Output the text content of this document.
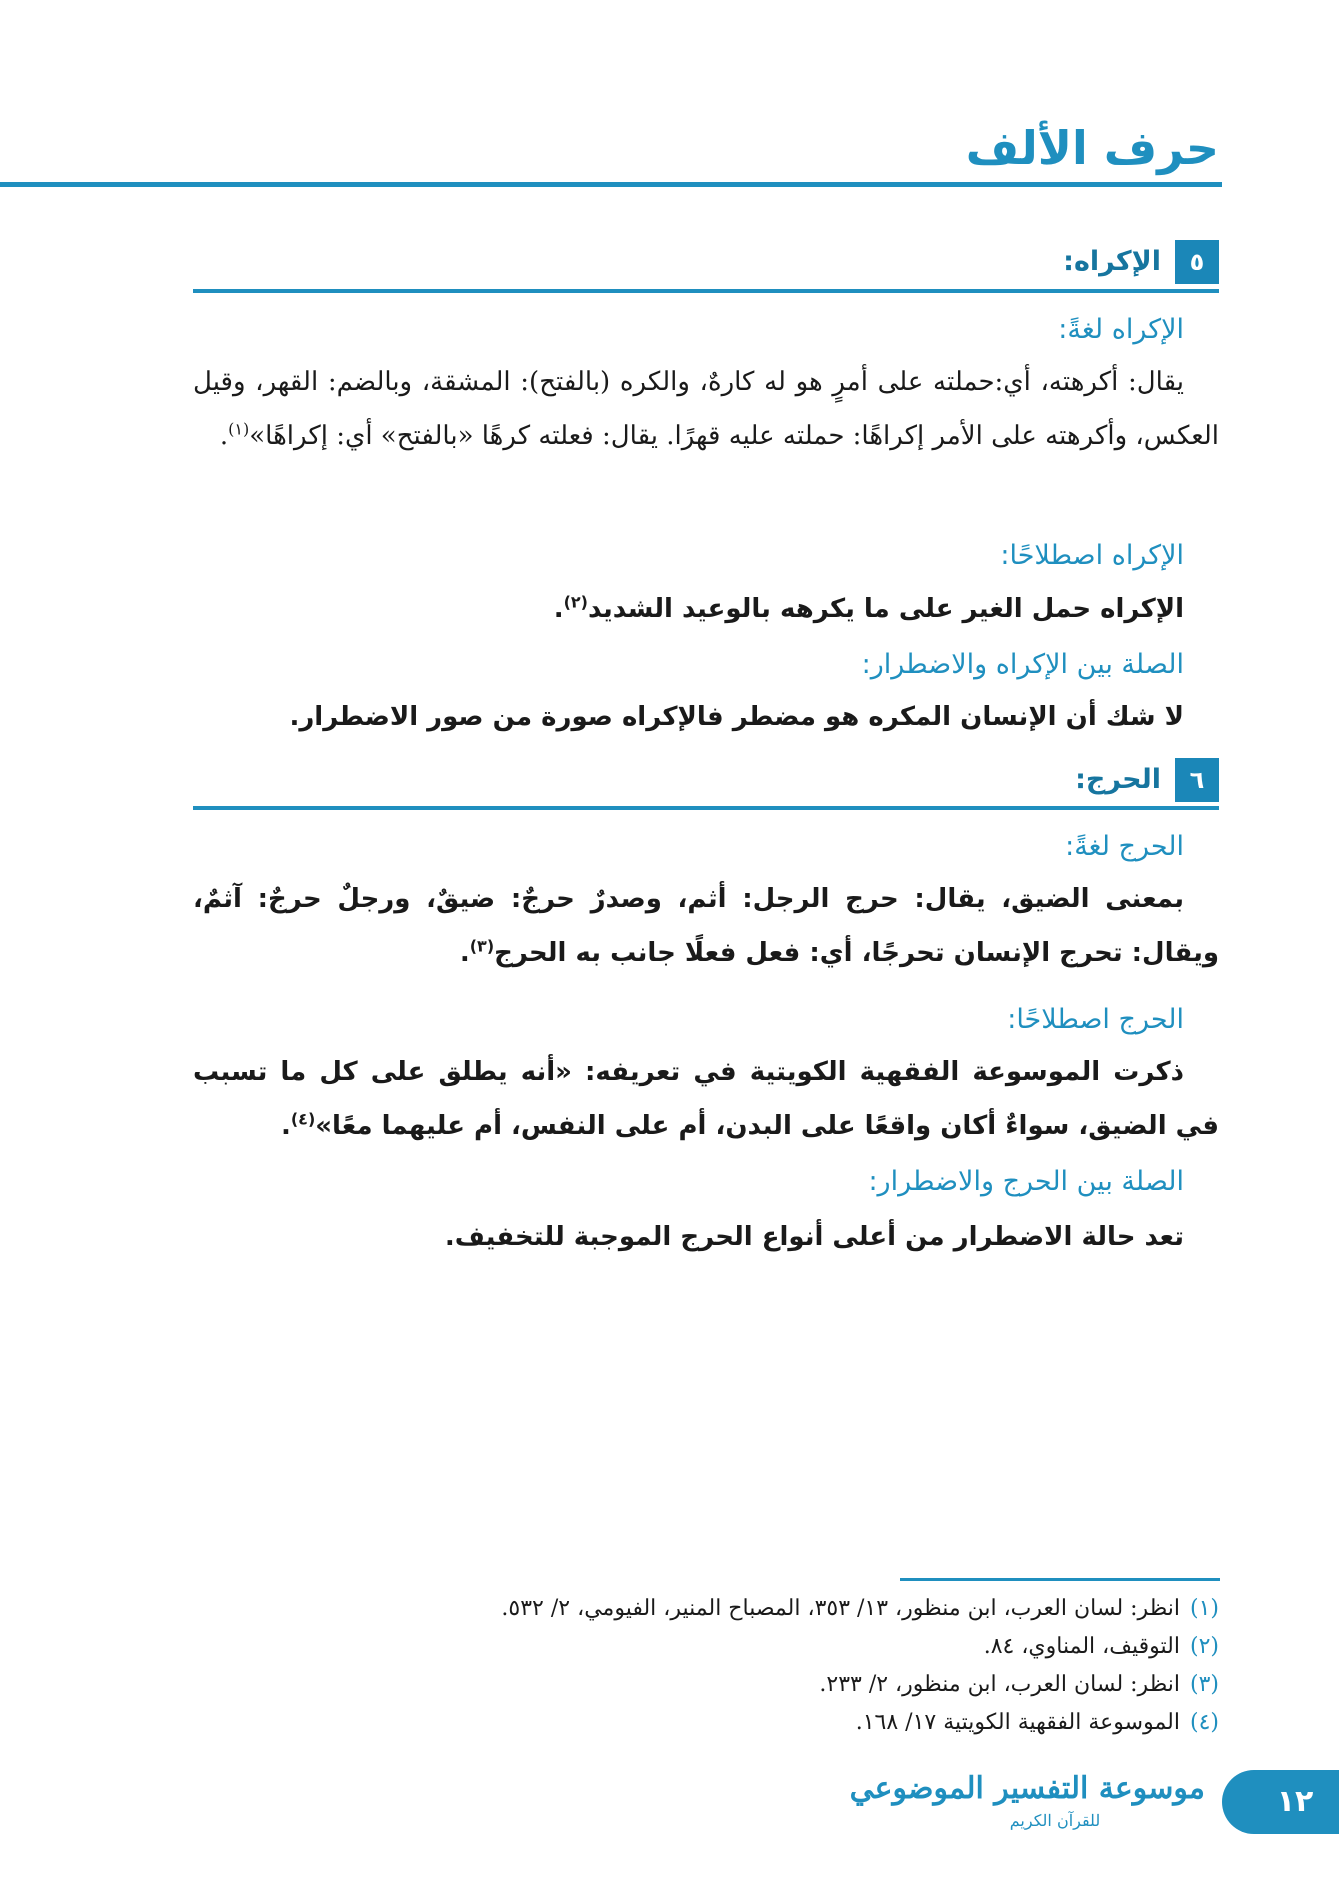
حرف الألف
٥
الإكراه:
الإكراه لغةً:
يقال: أكرهته، أي:حملته على أمرٍ هو له كارهٌ، والكره (بالفتح): المشقة، وبالضم: القهر، وقيل العكس، وأكرهته على الأمر إكراهًا: حملته عليه قهرًا. يقال: فعلته كرهًا «بالفتح» أي: إكراهًا»$^{(١)}$.
الإكراه اصطلاحًا:
الإكراه حمل الغير على ما يكرهه بالوعيد الشديد$^{(٢)}$.
الصلة بين الإكراه والاضطرار:
لا شك أن الإنسان المكره هو مضطر فالإكراه صورة من صور الاضطرار.
٦
الحرج:
الحرج لغةً:
بمعنى الضيق، يقال: حرج الرجل: أثم، وصدرٌ حرجٌ: ضيقٌ، ورجلٌ حرجٌ: آثمٌ، ويقال: تحرج الإنسان تحرجًا، أي: فعل فعلًا جانب به الحرج$^{(٣)}$.
الحرج اصطلاحًا:
ذكرت الموسوعة الفقهية الكويتية في تعريفه: «أنه يطلق على كل ما تسبب في الضيق، سواءٌ أكان واقعًا على البدن، أم على النفس، أم عليهما معًا»$^{(٤)}$.
الصلة بين الحرج والاضطرار:
تعد حالة الاضطرار من أعلى أنواع الحرج الموجبة للتخفيف.
(١)انظر: لسان العرب، ابن منظور، ١٣/ ٣٥٣، المصباح المنير، الفيومي، ٢/ ٥٣٢.
(٢)التوقيف، المناوي، ٨٤.
(٣)انظر: لسان العرب، ابن منظور، ٢/ ٢٣٣.
(٤)الموسوعة الفقهية الكويتية ١٧/ ١٦٨.
موسوعة التفسير الموضوعي
للقرآن الكريم
١٢
